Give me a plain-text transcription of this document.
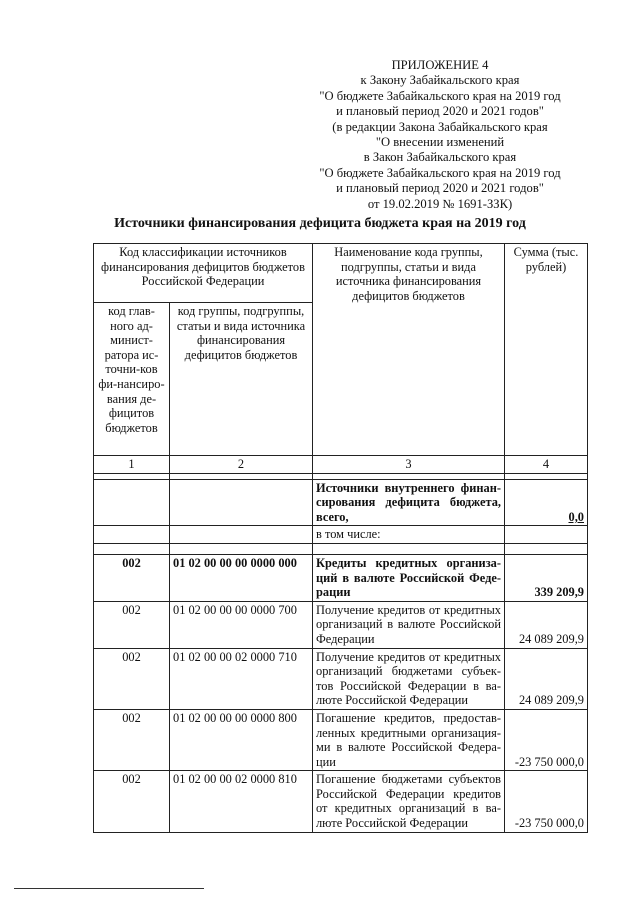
ПРИЛОЖЕНИЕ 4
к Закону Забайкальского края
"О бюджете Забайкальского края на 2019 год
и плановый период 2020 и 2021 годов"
(в редакции Закона Забайкальского края
"О внесении изменений
в Закон Забайкальского края
"О бюджете Забайкальского края на 2019 год
и плановый период 2020 и 2021 годов"
от 19.02.2019 № 1691-ЗЗК)
Источники финансирования дефицита бюджета края на 2019 год
Код классификации источников финансирования дефицитов бюджетов Российской Федерации		Наименование кода группы, подгруппы, статьи и вида источника финансирования дефицитов бюджетов	Сумма (тыс. рублей)
код глав-ного ад-минист-ратора ис-точни-ков фи-нансиро-вания де-фицитов бюджетов	код группы, подгруппы, статьи и вида источника финансирования дефицитов бюджетов		
1	2	3	4

		Источники внутреннего финан-сирования дефицита бюджета, всего,	0,0
		в том числе:	

002	01 02 00 00 00 0000 000	Кредиты кредитных организа-ций в валюте Российской Феде-рации	339 209,9
002	01 02 00 00 00 0000 700	Получение кредитов от кредитных организаций в валюте Российской Федерации	24 089 209,9
002	01 02 00 00 02 0000 710	Получение кредитов от кредитных организаций бюджетами субъек-тов Российской Федерации в ва-люте Российской Федерации	24 089 209,9
002	01 02 00 00 00 0000 800	Погашение кредитов, предостав-ленных кредитными организация-ми в валюте Российской Федера-ции	-23 750 000,0
002	01 02 00 00 02 0000 810	Погашение бюджетами субъектов Российской Федерации кредитов от кредитных организаций в ва-люте Российской Федерации	-23 750 000,0
